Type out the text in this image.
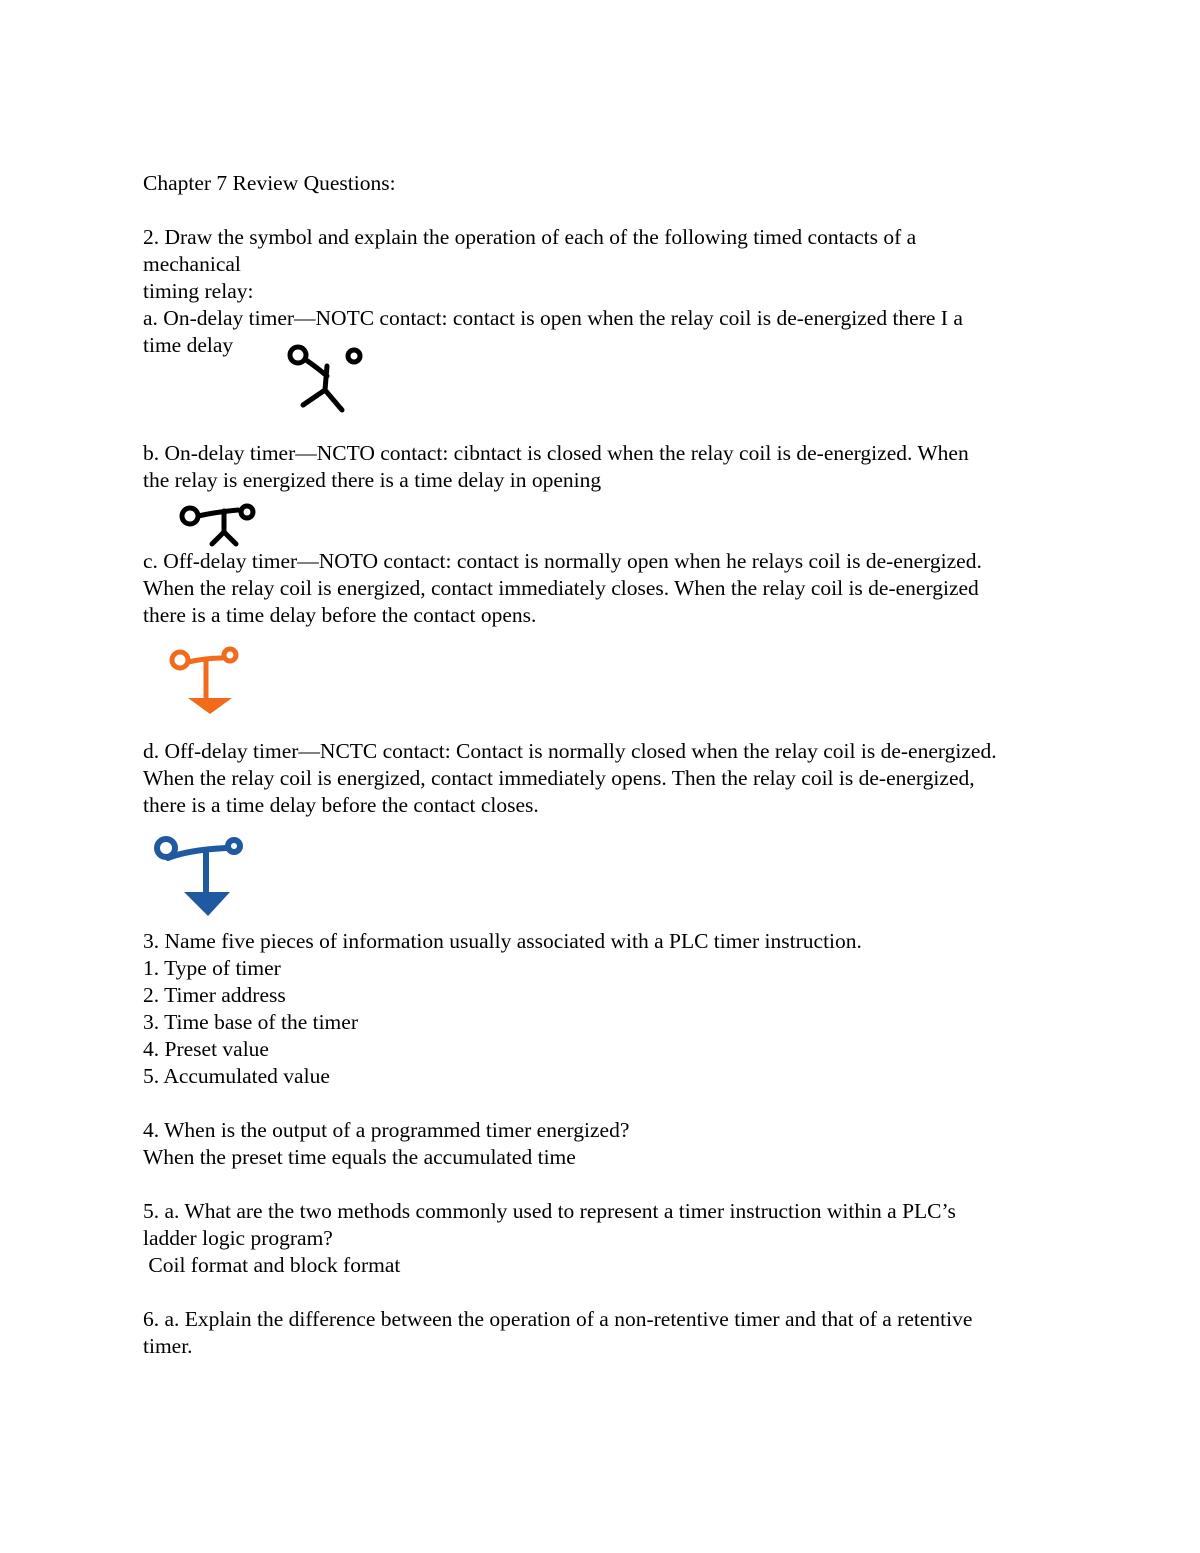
Chapter 7 Review Questions:
2. Draw the symbol and explain the operation of each of the following timed contacts of a
mechanical
timing relay:
a. On-delay timer—NOTC contact: contact is open when the relay coil is de-energized there I a
time delay
b. On-delay timer—NCTO contact: cibntact is closed when the relay coil is de-energized. When
the relay is energized there is a time delay in opening
c. Off-delay timer—NOTO contact: contact is normally open when he relays coil is de-energized.
When the relay coil is energized, contact immediately closes. When the relay coil is de-energized
there is a time delay before the contact opens.
d. Off-delay timer—NCTC contact: Contact is normally closed when the relay coil is de-energized.
When the relay coil is energized, contact immediately opens. Then the relay coil is de-energized,
there is a time delay before the contact closes.
3. Name five pieces of information usually associated with a PLC timer instruction.
1. Type of timer
2. Timer address
3. Time base of the timer
4. Preset value
5. Accumulated value
4. When is the output of a programmed timer energized?
When the preset time equals the accumulated time
5. a. What are the two methods commonly used to represent a timer instruction within a PLC’s
ladder logic program?
Coil format and block format
6. a. Explain the difference between the operation of a non-retentive timer and that of a retentive
timer.
